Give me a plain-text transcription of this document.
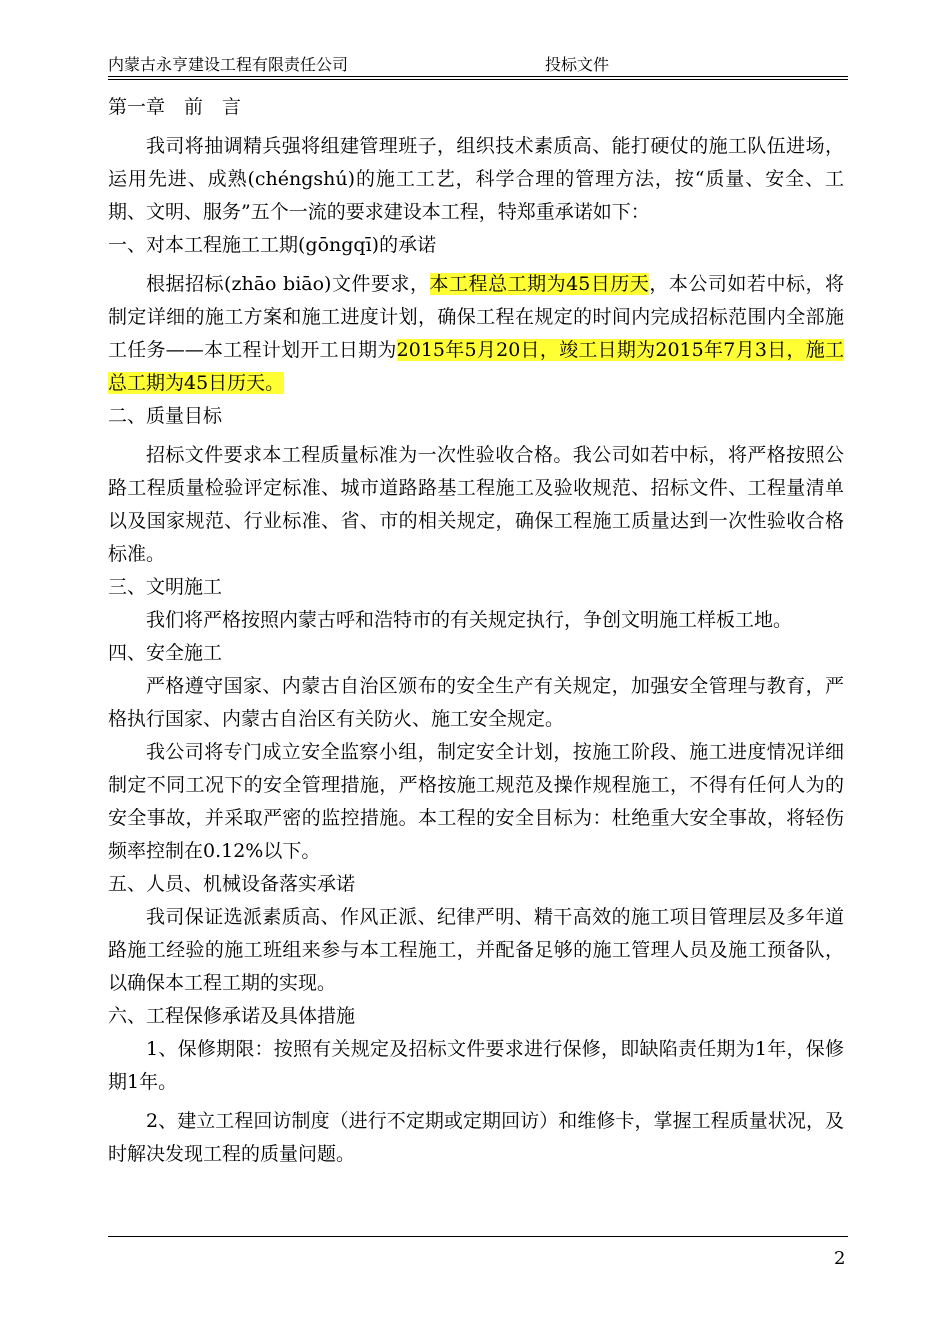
内蒙古永亨建设工程有限责任公司	投标文件

第一章　前　言

我司将抽调精兵强将组建管理班子，组织技术素质高、能打硬仗的施工队伍进场，运用先进、成熟(chéngshú)的施工工艺，科学合理的管理方法，按“质量、安全、工期、文明、服务”五个一流的要求建设本工程，特郑重承诺如下：

一、对本工程施工工期(gōngqī)的承诺

根据招标(zhāo biāo)文件要求，本工程总工期为45日历天，本公司如若中标，将制定详细的施工方案和施工进度计划，确保工程在规定的时间内完成招标范围内全部施工任务——本工程计划开工日期为2015年5月20日，竣工日期为2015年7月3日，施工总工期为45日历天。

二、质量目标

招标文件要求本工程质量标准为一次性验收合格。我公司如若中标，将严格按照公路工程质量检验评定标准、城市道路路基工程施工及验收规范、招标文件、工程量清单以及国家规范、行业标准、省、市的相关规定，确保工程施工质量达到一次性验收合格标准。

三、文明施工

我们将严格按照内蒙古呼和浩特市的有关规定执行，争创文明施工样板工地。

四、安全施工

严格遵守国家、内蒙古自治区颁布的安全生产有关规定，加强安全管理与教育，严格执行国家、内蒙古自治区有关防火、施工安全规定。

我公司将专门成立安全监察小组，制定安全计划，按施工阶段、施工进度情况详细制定不同工况下的安全管理措施，严格按施工规范及操作规程施工，不得有任何人为的安全事故，并采取严密的监控措施。本工程的安全目标为：杜绝重大安全事故，将轻伤频率控制在0.12%以下。

五、人员、机械设备落实承诺

我司保证选派素质高、作风正派、纪律严明、精干高效的施工项目管理层及多年道路施工经验的施工班组来参与本工程施工，并配备足够的施工管理人员及施工预备队，以确保本工程工期的实现。

六、工程保修承诺及具体措施

1、保修期限：按照有关规定及招标文件要求进行保修，即缺陷责任期为1年，保修期1年。

2、建立工程回访制度（进行不定期或定期回访）和维修卡，掌握工程质量状况，及时解决发现工程的质量问题。

2
